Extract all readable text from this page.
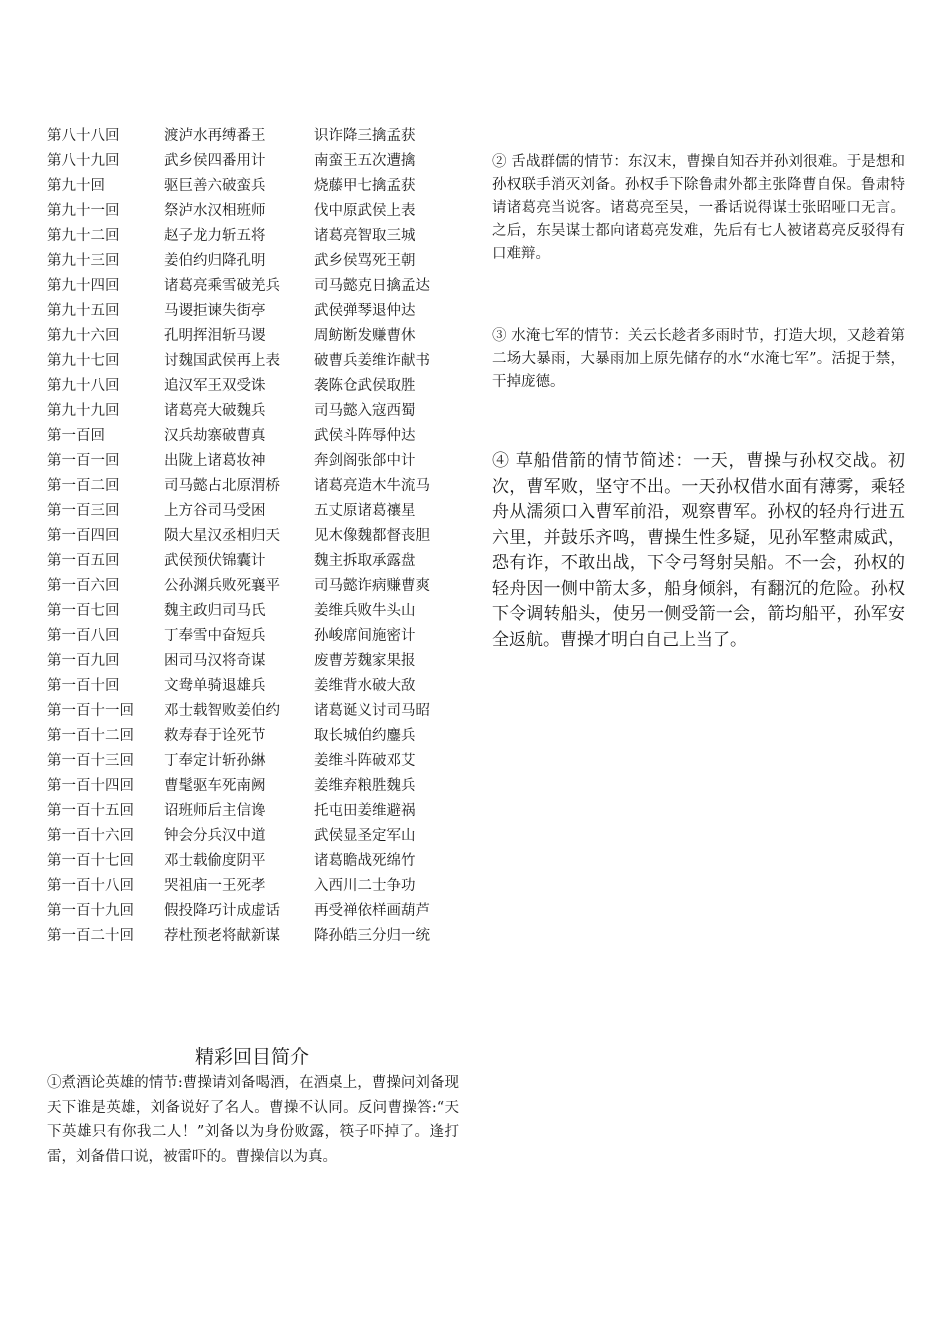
第八十八回	渡泸水再缚番王	识诈降三擒孟获
第八十九回	武乡侯四番用计	南蛮王五次遭擒
第九十回	驱巨善六破蛮兵	烧藤甲七擒孟获
第九十一回	祭泸水汉相班师	伐中原武侯上表
第九十二回	赵子龙力斩五将	诸葛亮智取三城
第九十三回	姜伯约归降孔明	武乡侯骂死王朝
第九十四回	诸葛亮乘雪破羌兵	司马懿克日擒孟达
第九十五回	马谡拒谏失街亭	武侯弹琴退仲达
第九十六回	孔明挥泪斩马谡	周鲂断发赚曹休
第九十七回	讨魏国武侯再上表	破曹兵姜维诈献书
第九十八回	追汉军王双受诛	袭陈仓武侯取胜
第九十九回	诸葛亮大破魏兵	司马懿入寇西蜀
第一百回	汉兵劫寨破曹真	武侯斗阵辱仲达
第一百一回	出陇上诸葛妆神	奔剑阁张郃中计
第一百二回	司马懿占北原渭桥	诸葛亮造木牛流马
第一百三回	上方谷司马受困	五丈原诸葛禳星
第一百四回	陨大星汉丞相归天	见木像魏都督丧胆
第一百五回	武侯预伏锦囊计	魏主拆取承露盘
第一百六回	公孙渊兵败死襄平	司马懿诈病赚曹爽
第一百七回	魏主政归司马氏	姜维兵败牛头山
第一百八回	丁奉雪中奋短兵	孙峻席间施密计
第一百九回	困司马汉将奇谋	废曹芳魏家果报
第一百十回	文鸯单骑退雄兵	姜维背水破大敌
第一百十一回	邓士载智败姜伯约	诸葛诞义讨司马昭
第一百十二回	救寿春于诠死节	取长城伯约鏖兵
第一百十三回	丁奉定计斩孙綝	姜维斗阵破邓艾
第一百十四回	曹髦驱车死南阙	姜维弃粮胜魏兵
第一百十五回	诏班师后主信谗	托屯田姜维避祸
第一百十六回	钟会分兵汉中道	武侯显圣定军山
第一百十七回	邓士载偷度阴平	诸葛瞻战死绵竹
第一百十八回	哭祖庙一王死孝	入西川二士争功
第一百十九回	假投降巧计成虚话	再受禅依样画葫芦
第一百二十回	荐杜预老将献新谋	降孙皓三分归一统

② 舌战群儒的情节：东汉末，曹操自知吞并孙刘很难。于是想和孙权联手消灭刘备。孙权手下除鲁肃外都主张降曹自保。鲁肃特请诸葛亮当说客。诸葛亮至吴，一番话说得谋士张昭哑口无言。之后，东吴谋士都向诸葛亮发难，先后有七人被诸葛亮反驳得有口难辩。

③ 水淹七军的情节：关云长趁者多雨时节，打造大坝，又趁着第二场大暴雨，大暴雨加上原先储存的水“水淹七军”。活捉于禁，干掉庞德。

④ 草船借箭的情节简述：一天，曹操与孙权交战。初次，曹军败，坚守不出。一天孙权借水面有薄雾，乘轻舟从濡须口入曹军前沿，观察曹军。孙权的轻舟行进五六里，并鼓乐齐鸣，曹操生性多疑，见孙军整肃威武，恐有诈，不敢出战，下令弓弩射吴船。不一会，孙权的轻舟因一侧中箭太多，船身倾斜，有翻沉的危险。孙权下令调转船头，使另一侧受箭一会，箭均船平，孙军安全返航。曹操才明白自己上当了。

精彩回目简介

①煮酒论英雄的情节:曹操请刘备喝酒，在酒桌上，曹操问刘备现天下谁是英雄，刘备说好了名人。曹操不认同。反问曹操答:“天下英雄只有你我二人！”刘备以为身份败露，筷子吓掉了。逢打雷，刘备借口说，被雷吓的。曹操信以为真。
